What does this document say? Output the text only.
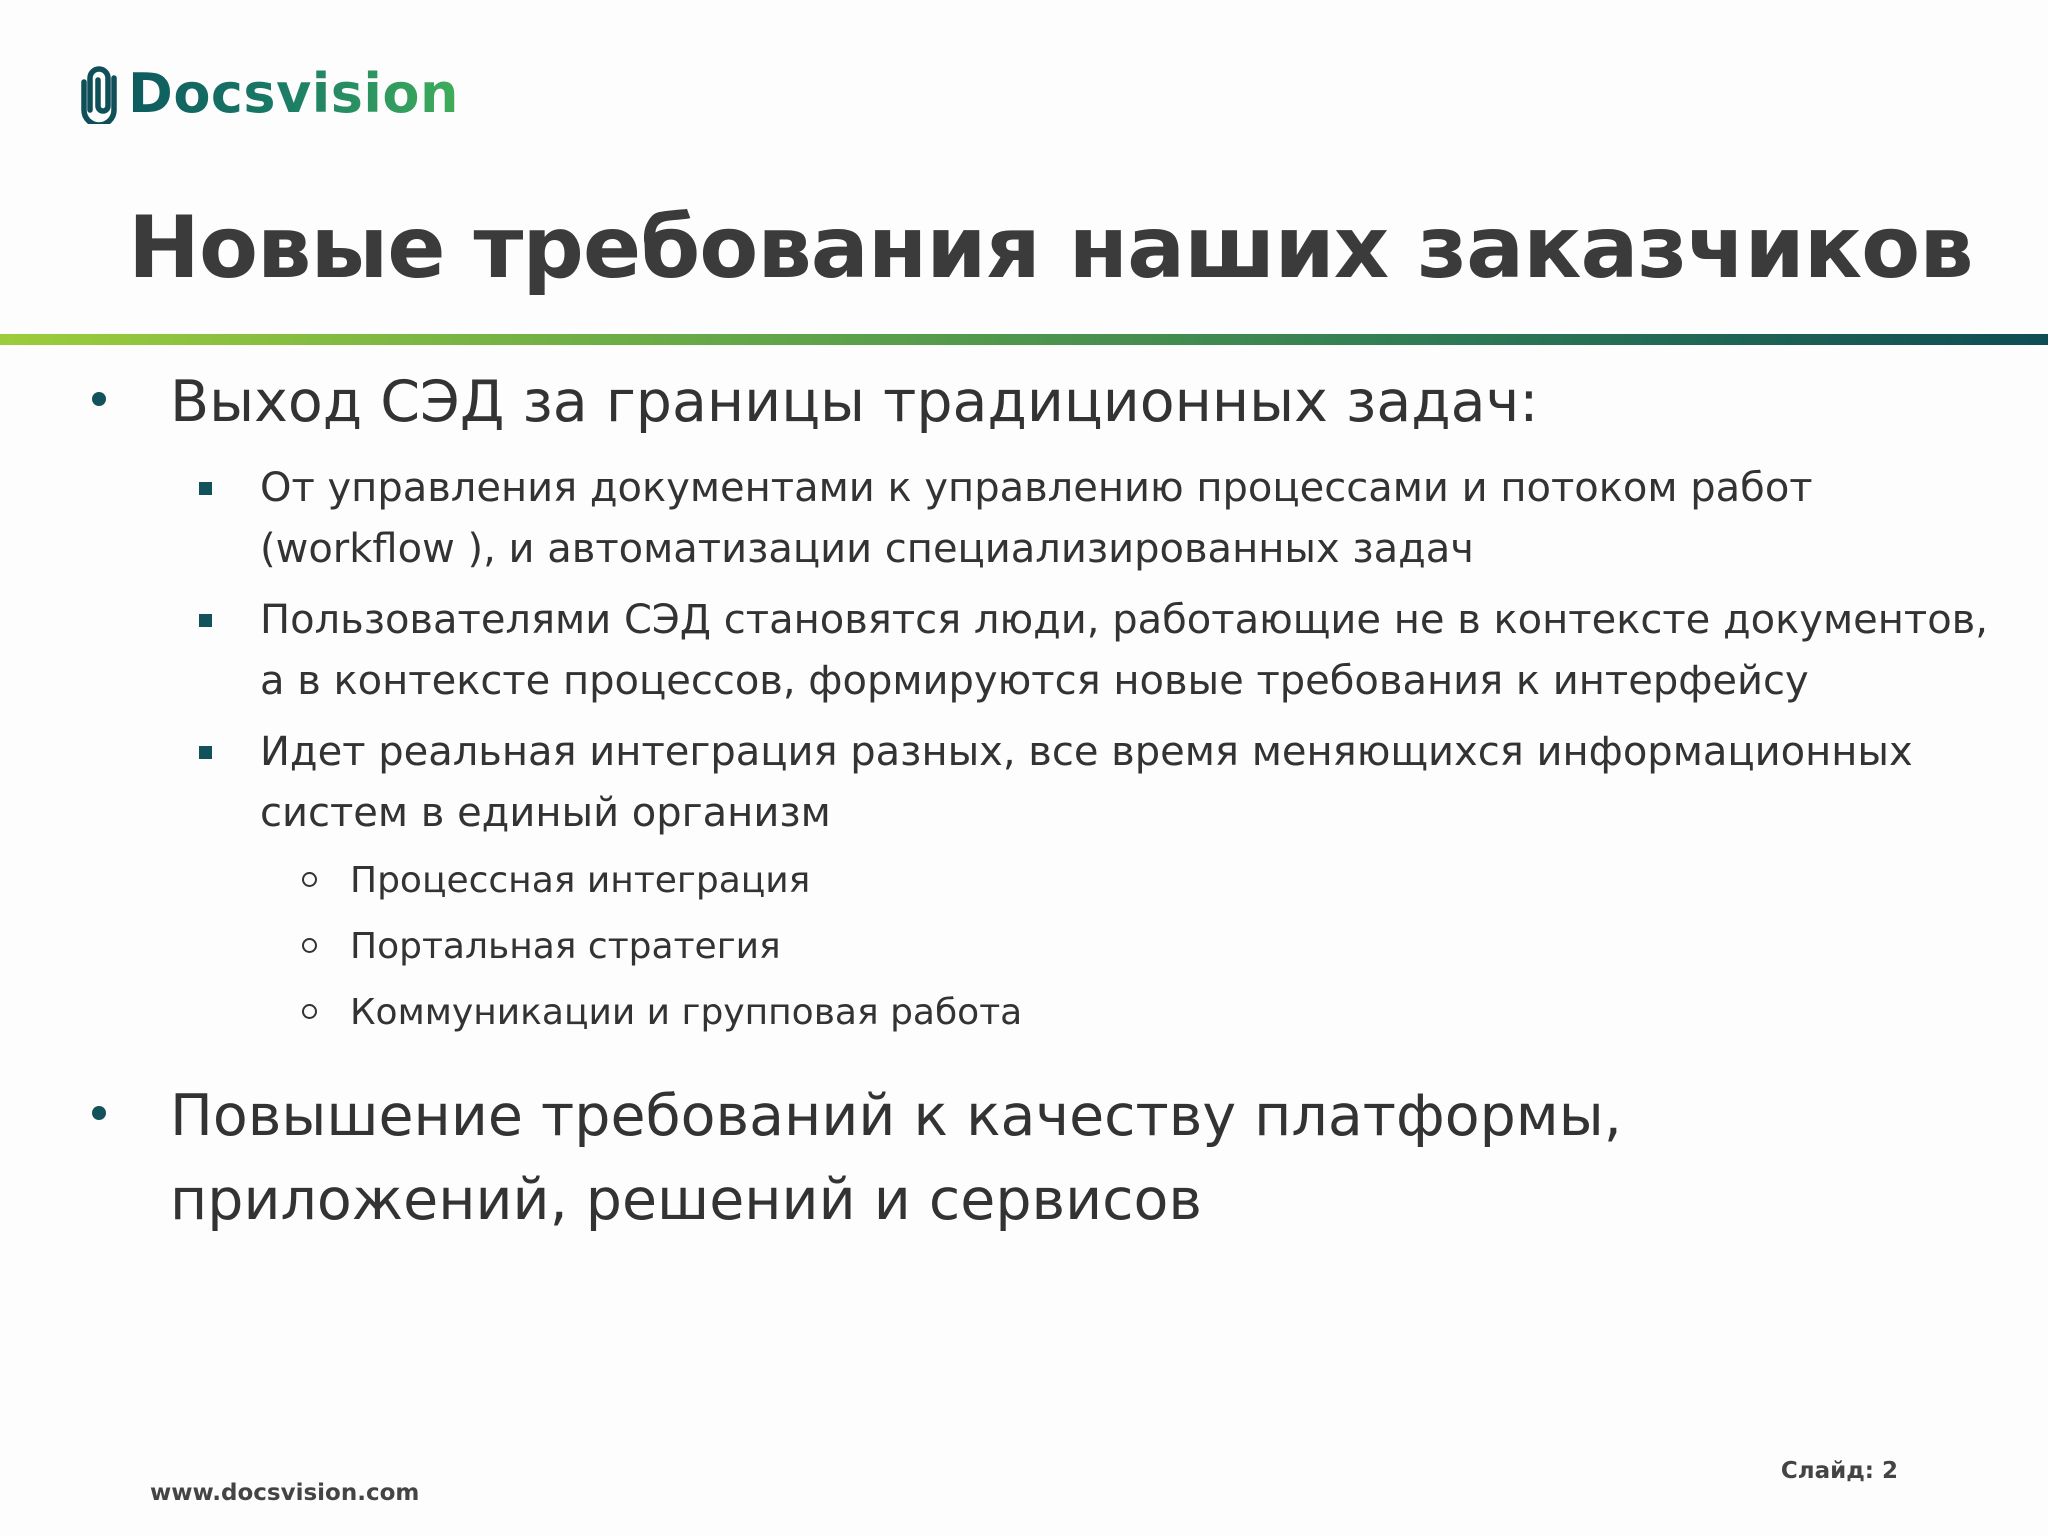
Docsvision
Новые требования наших заказчиков
Выход СЭД за границы традиционных задач:
От управления документами к управлению процессами и потоком работ (workflow ), и автоматизации специализированных задач
Пользователями СЭД становятся люди, работающие не в контексте документов, а в контексте процессов, формируются новые требования к интерфейсу
Идет реальная интеграция разных, все время меняющихся информационных систем в единый организм
Процессная интеграция
Портальная стратегия
Коммуникации и групповая работа
Повышение требований к качеству платформы, приложений, решений и сервисов
www.docsvision.com
Слайд: 2
